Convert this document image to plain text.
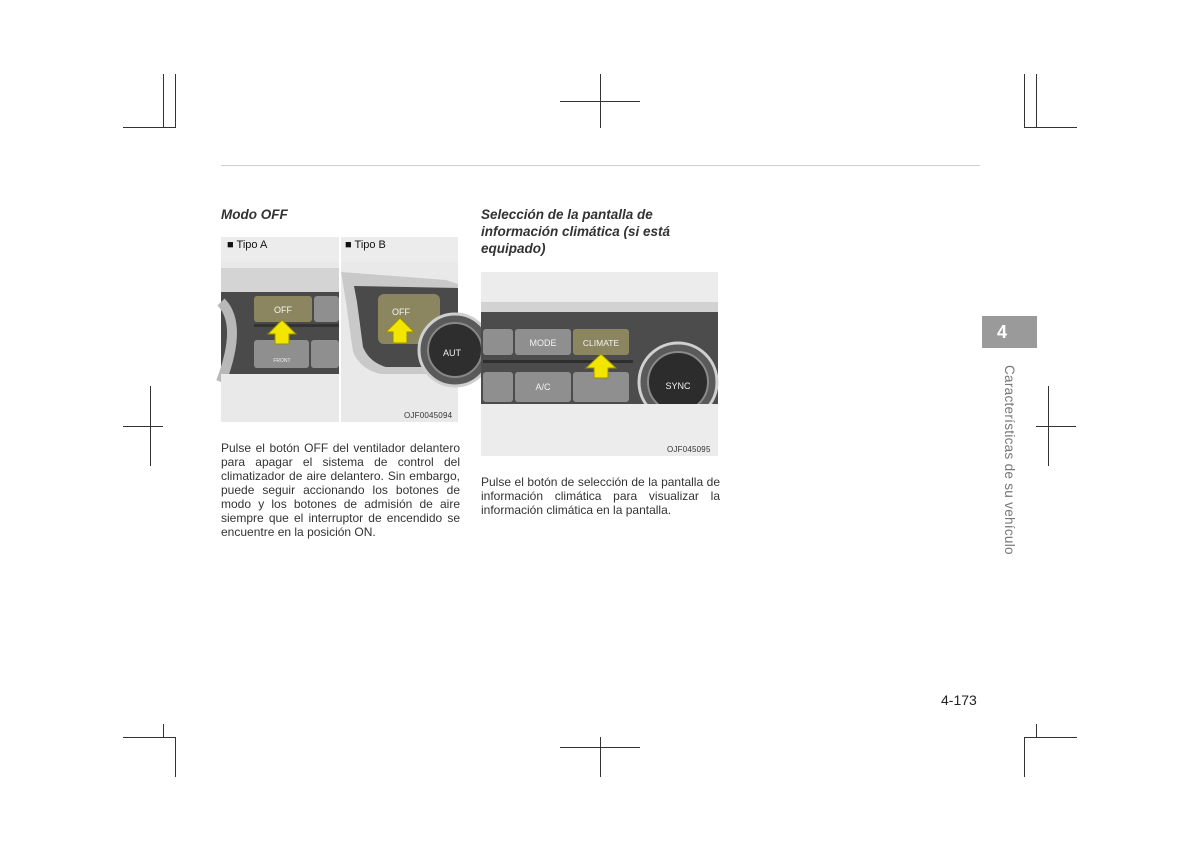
Modo OFF
■ Tipo A	■ Tipo B
OFF
FRONT
OFF
AUT
OJF0045094
Pulse el botón OFF del ventilador delantero para apagar el sistema de control del climatizador de aire delantero. Sin embargo, puede seguir accionando los botones de modo y los botones de admisión de aire siempre que el interruptor de encendido se encuentre en la posición ON.
Selección de la pantalla de
información climática (si está
equipado)
MODE	CLIMATE
A/C	SYNC
OJF045095
Pulse el botón de selección de la pantalla de información climática para visualizar la información climática en la pantalla.
4
Características de su vehículo
4-173
